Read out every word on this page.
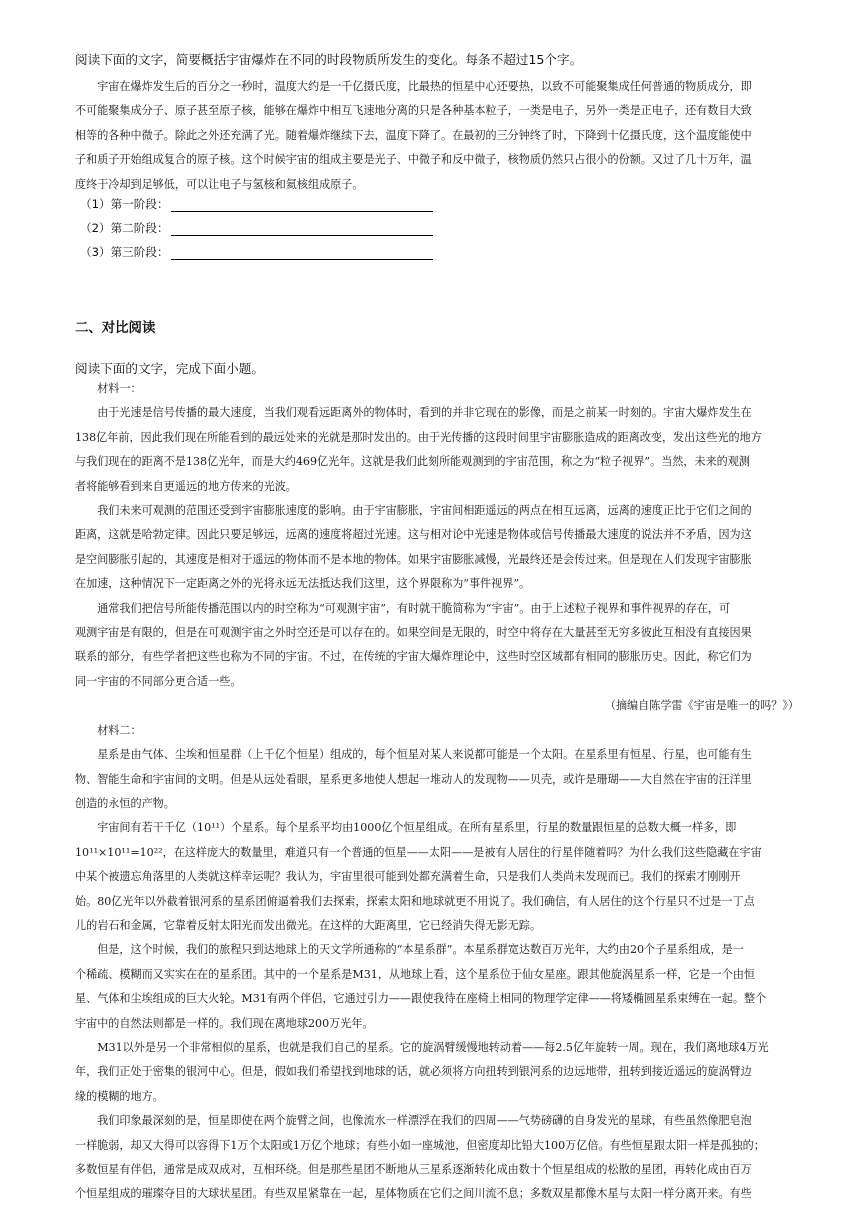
阅读下面的文字，简要概括宇宙爆炸在不同的时段物质所发生的变化。每条不超过15个字。
宇宙在爆炸发生后的百分之一秒时，温度大约是一千亿摄氏度，比最热的恒星中心还要热，以致不可能聚集成任何普通的物质成分，即
不可能聚集成分子、原子甚至原子核，能够在爆炸中相互飞速地分离的只是各种基本粒子，一类是电子，另外一类是正电子，还有数目大致
相等的各种中微子。除此之外还充满了光。随着爆炸继续下去，温度下降了。在最初的三分钟终了时，下降到十亿摄氏度，这个温度能使中
子和质子开始组成复合的原子核。这个时候宇宙的组成主要是光子、中微子和反中微子，核物质仍然只占很小的份额。又过了几十万年，温
度终于冷却到足够低，可以让电子与氢核和氦核组成原子。
（1）第一阶段：
（2）第二阶段：
（3）第三阶段：
二、对比阅读
阅读下面的文字，完成下面小题。
材料一：
由于光速是信号传播的最大速度，当我们观看远距离外的物体时，看到的并非它现在的影像，而是之前某一时刻的。宇宙大爆炸发生在
138亿年前，因此我们现在所能看到的最远处来的光就是那时发出的。由于光传播的这段时间里宇宙膨胀造成的距离改变，发出这些光的地方
与我们现在的距离不是138亿光年，而是大约469亿光年。这就是我们此刻所能观测到的宇宙范围，称之为“粒子视界”。当然，未来的观测
者将能够看到来自更遥远的地方传来的光波。
我们未来可观测的范围还受到宇宙膨胀速度的影响。由于宇宙膨胀，宇宙间相距遥远的两点在相互远离，远离的速度正比于它们之间的
距离，这就是哈勃定律。因此只要足够远，远离的速度将超过光速。这与相对论中光速是物体或信号传播最大速度的说法并不矛盾，因为这
是空间膨胀引起的，其速度是相对于遥远的物体而不是本地的物体。如果宇宙膨胀减慢，光最终还是会传过来。但是现在人们发现宇宙膨胀
在加速，这种情况下一定距离之外的光将永远无法抵达我们这里，这个界限称为“事件视界”。
通常我们把信号所能传播范围以内的时空称为“可观测宇宙”，有时就干脆简称为“宇宙”。由于上述粒子视界和事件视界的存在，可
观测宇宙是有限的，但是在可观测宇宙之外时空还是可以存在的。如果空间是无限的，时空中将存在大量甚至无穷多彼此互相没有直接因果
联系的部分，有些学者把这些也称为不同的宇宙。不过，在传统的宇宙大爆炸理论中，这些时空区域都有相同的膨胀历史。因此，称它们为
同一宇宙的不同部分更合适一些。
（摘编自陈学雷《宇宙是唯一的吗？》）
材料二：
星系是由气体、尘埃和恒星群（上千亿个恒星）组成的，每个恒星对某人来说都可能是一个太阳。在星系里有恒星、行星，也可能有生
物、智能生命和宇宙间的文明。但是从远处看眼，星系更多地使人想起一堆动人的发现物——贝壳，或许是珊瑚——大自然在宇宙的汪洋里
创造的永恒的产物。
宇宙间有若干千亿（10¹¹）个星系。每个星系平均由1000亿个恒星组成。在所有星系里，行星的数量跟恒星的总数大概一样多，即
10¹¹×10¹¹=10²²，在这样庞大的数量里，难道只有一个普通的恒星——太阳——是被有人居住的行星伴随着吗？为什么我们这些隐藏在宇宙
中某个被遗忘角落里的人类就这样幸运呢？我认为，宇宙里很可能到处都充满着生命，只是我们人类尚未发现而已。我们的探索才刚刚开
始。80亿光年以外截着银河系的星系团俯逼着我们去探索，探索太阳和地球就更不用说了。我们确信，有人居住的这个行星只不过是一丁点
儿的岩石和金属，它靠着反射太阳光而发出微光。在这样的大距离里，它已经消失得无影无踪。
但是，这个时候，我们的旅程只到达地球上的天文学所通称的“本星系群”。本星系群宽达数百万光年，大约由20个子星系组成，是一
个稀疏、模糊而又实实在在的星系团。其中的一个星系是M31，从地球上看，这个星系位于仙女星座。跟其他旋涡星系一样，它是一个由恒
星、气体和尘埃组成的巨大火轮。M31有两个伴侣，它通过引力——跟使我待在座椅上相同的物理学定律——将矮椭圆星系束缚在一起。整个
宇宙中的自然法则都是一样的。我们现在离地球200万光年。
M31以外是另一个非常相似的星系，也就是我们自己的星系。它的旋涡臂缓慢地转动着——每2.5亿年旋转一周。现在，我们离地球4万光
年，我们正处于密集的银河中心。但是，假如我们希望找到地球的话，就必须将方向扭转到银河系的边远地带，扭转到接近遥远的旋涡臂边
缘的模糊的地方。
我们印象最深刻的是，恒星即使在两个旋臂之间，也像流水一样漂浮在我们的四周——气势磅礴的自身发光的星球，有些虽然像肥皂泡
一样脆弱，却又大得可以容得下1万个太阳或1万亿个地球；有些小如一座城池，但密度却比铅大100万亿倍。有些恒星跟太阳一样是孤独的；
多数恒星有伴侣，通常是成双成对，互相环绕。但是那些星团不断地从三星系逐渐转化成由数十个恒星组成的松散的星团，再转化成由百万
个恒星组成的璀璨夺目的大球状星团。有些双星紧靠在一起，星体物质在它们之间川流不息；多数双星都像木星与太阳一样分离开来。有些
